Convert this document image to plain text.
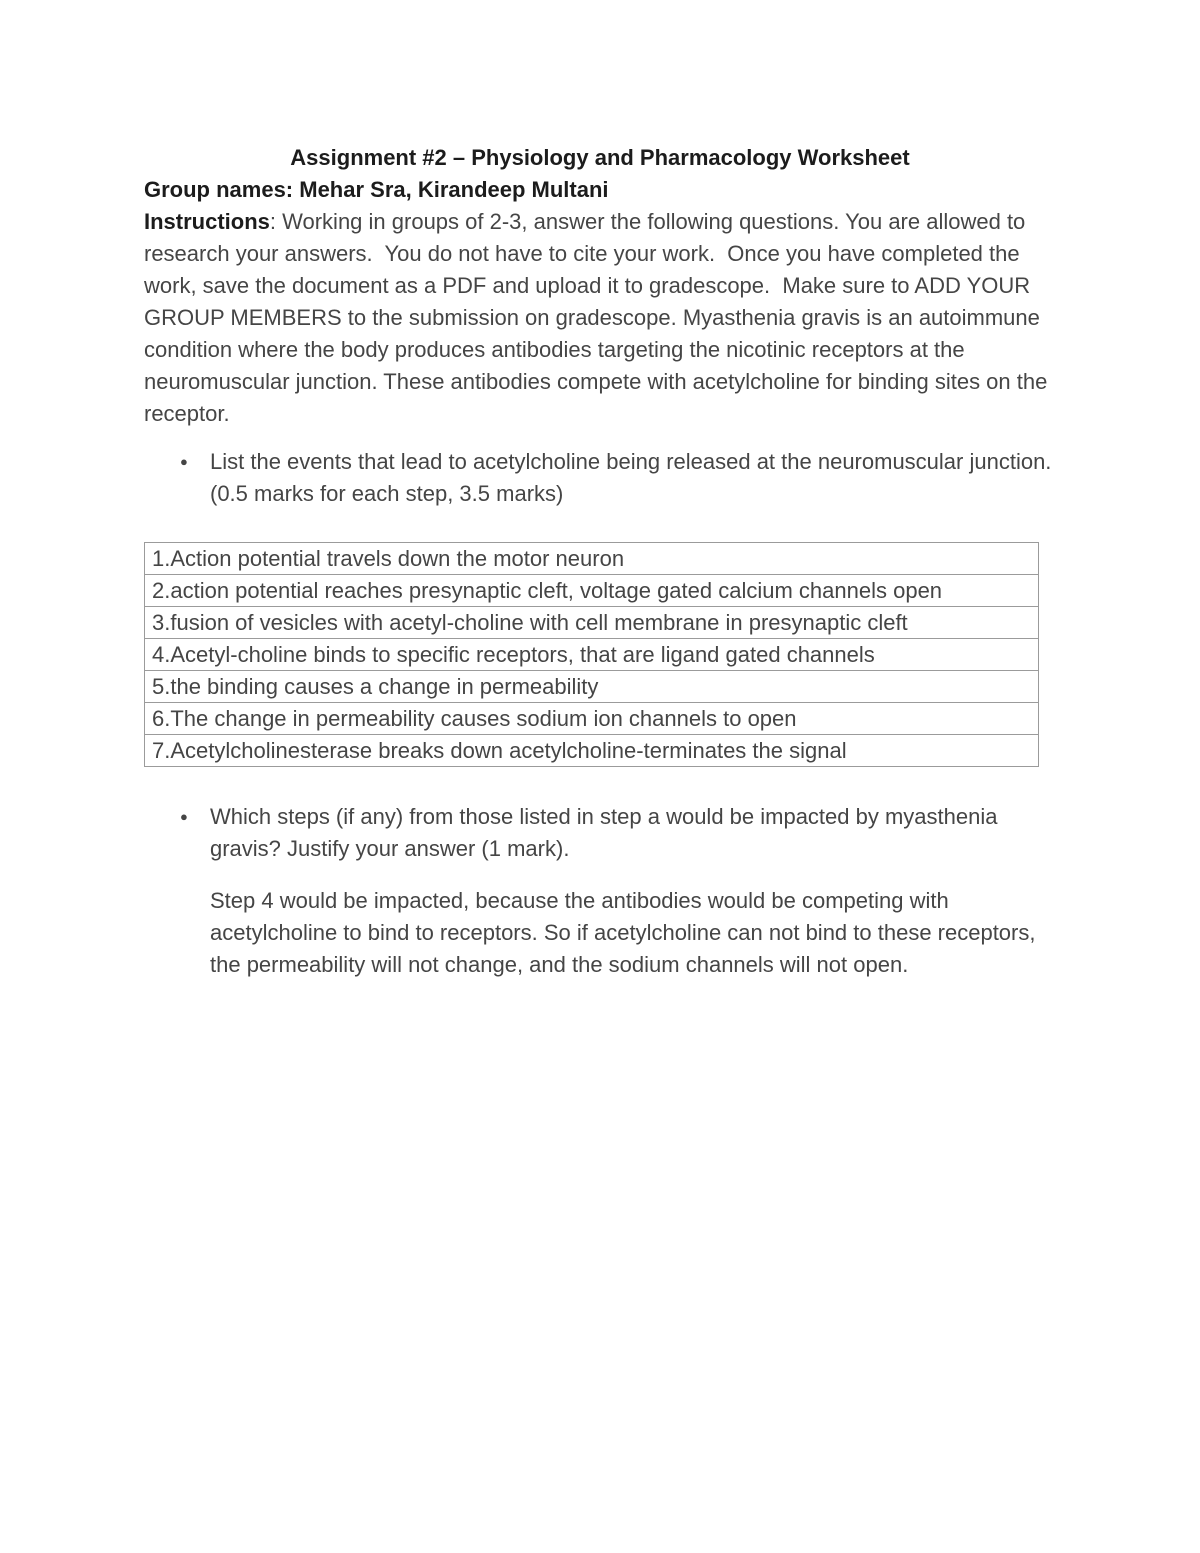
Assignment #2 – Physiology and Pharmacology Worksheet

Group names: Mehar Sra, Kirandeep Multani

Instructions: Working in groups of 2-3, answer the following questions. You are allowed to research your answers.  You do not have to cite your work.  Once you have completed the work, save the document as a PDF and upload it to gradescope.  Make sure to ADD YOUR GROUP MEMBERS to the submission on gradescope. Myasthenia gravis is an autoimmune condition where the body produces antibodies targeting the nicotinic receptors at the neuromuscular junction. These antibodies compete with acetylcholine for binding sites on the receptor.

●	List the events that lead to acetylcholine being released at the neuromuscular junction. (0.5 marks for each step, 3.5 marks)
1.Action potential travels down the motor neuron
2.action potential reaches presynaptic cleft, voltage gated calcium channels open
3.fusion of vesicles with acetyl-choline with cell membrane in presynaptic cleft
4.Acetyl-choline binds to specific receptors, that are ligand gated channels
5.the binding causes a change in permeability
6.The change in permeability causes sodium ion channels to open
7.Acetylcholinesterase breaks down acetylcholine-terminates the signal
●	Which steps (if any) from those listed in step a would be impacted by myasthenia gravis? Justify your answer (1 mark).

Step 4 would be impacted, because the antibodies would be competing with acetylcholine to bind to receptors. So if acetylcholine can not bind to these receptors, the permeability will not change, and the sodium channels will not open.
